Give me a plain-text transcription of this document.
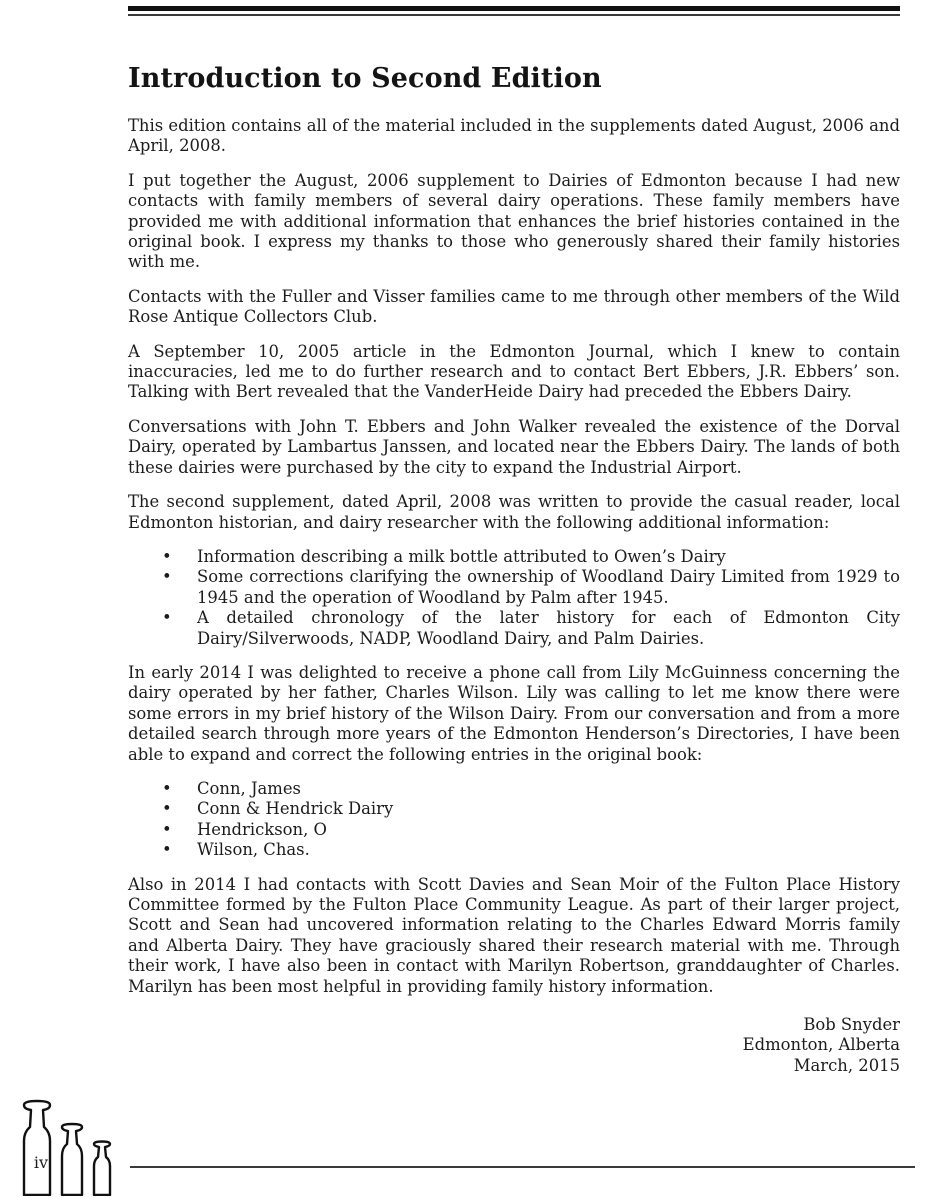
Introduction to Second Edition

This edition contains all of the material included in the supplements dated August, 2006 and April, 2008.

I put together the August, 2006 supplement to Dairies of Edmonton because I had new contacts with family members of several dairy operations. These family members have provided me with additional information that enhances the brief histories contained in the original book. I express my thanks to those who generously shared their family histories with me.

Contacts with the Fuller and Visser families came to me through other members of the Wild Rose Antique Collectors Club.

A September 10, 2005 article in the Edmonton Journal, which I knew to contain inaccuracies, led me to do further research and to contact Bert Ebbers, J.R. Ebbers’ son. Talking with Bert revealed that the VanderHeide Dairy had preceded the Ebbers Dairy.

Conversations with John T. Ebbers and John Walker revealed the existence of the Dorval Dairy, operated by Lambartus Janssen, and located near the Ebbers Dairy. The lands of both these dairies were purchased by the city to expand the Industrial Airport.

The second supplement, dated April, 2008 was written to provide the casual reader, local Edmonton historian, and dairy researcher with the following additional information:

• Information describing a milk bottle attributed to Owen’s Dairy
• Some corrections clarifying the ownership of Woodland Dairy Limited from 1929 to 1945 and the operation of Woodland by Palm after 1945.
• A detailed chronology of the later history for each of Edmonton City Dairy/Silverwoods, NADP, Woodland Dairy, and Palm Dairies.

In early 2014 I was delighted to receive a phone call from Lily McGuinness concerning the dairy operated by her father, Charles Wilson. Lily was calling to let me know there were some errors in my brief history of the Wilson Dairy. From our conversation and from a more detailed search through more years of the Edmonton Henderson’s Directories, I have been able to expand and correct the following entries in the original book:

• Conn, James
• Conn & Hendrick Dairy
• Hendrickson, O
• Wilson, Chas.

Also in 2014 I had contacts with Scott Davies and Sean Moir of the Fulton Place History Committee formed by the Fulton Place Community League. As part of their larger project, Scott and Sean had uncovered information relating to the Charles Edward Morris family and Alberta Dairy. They have graciously shared their research material with me. Through their work, I have also been in contact with Marilyn Robertson, granddaughter of Charles. Marilyn has been most helpful in providing family history information.

Bob Snyder
Edmonton, Alberta
March, 2015
iv
